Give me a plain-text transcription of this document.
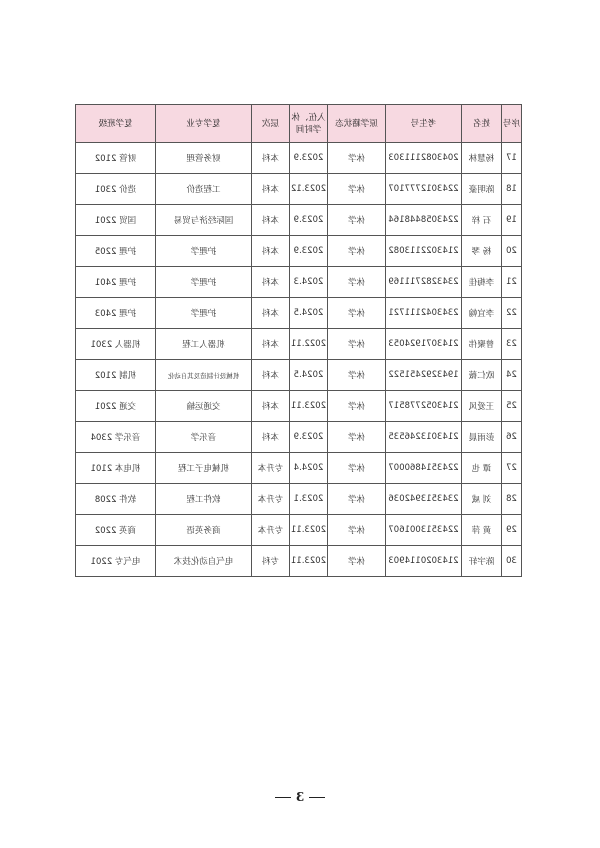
序号	姓名	考生号	原学籍状态	入伍、休学时间	层次	复学专业	复学班级
17	杨慧林	2043082111303	休学	2023.9	本科	财务管理	财管 2102
18	陈明豪	2243012777107	休学	2023.12	本科	工程造价	造价 2301
19	石 梓	2243058448164	休学	2023.9	本科	国际经济与贸易	国贸 2201
20	杨 琴	2143022113082	休学	2023.9	本科	护理学	护理 2205
21	李梅佳	2343282711169	休学	2024.3	本科	护理学	护理 2401
22	李宜翰	2343042111721	休学	2024.5	本科	护理学	护理 2403
23	曾聚伟	2143071924053	休学	2022.11	本科	机器人工程	机器人 2301
24	欧仁薇	1943292451522	休学	2024.5	本科	机械设计制造及其自动化	机制 2102
25	王爱风	2143052778517	休学	2023.11	本科	交通运输	交通 2201
26	彭雨晨	2143013246535	休学	2023.9	本科	音乐学	音乐学 2304
27	谭 也	2243514860007	休学	2024.4	专升本	机械电子工程	机电本 2101
28	刘 威	2343513942036	休学	2023.1	专升本	软件工程	软件 2208
29	黄 萍	2243513001607	休学	2023.11	专升本	商务英语	商英 2202
30	陈宇轩	2143020114903	休学	2023.11	专科	电气自动化技术	电气专 2201
3
